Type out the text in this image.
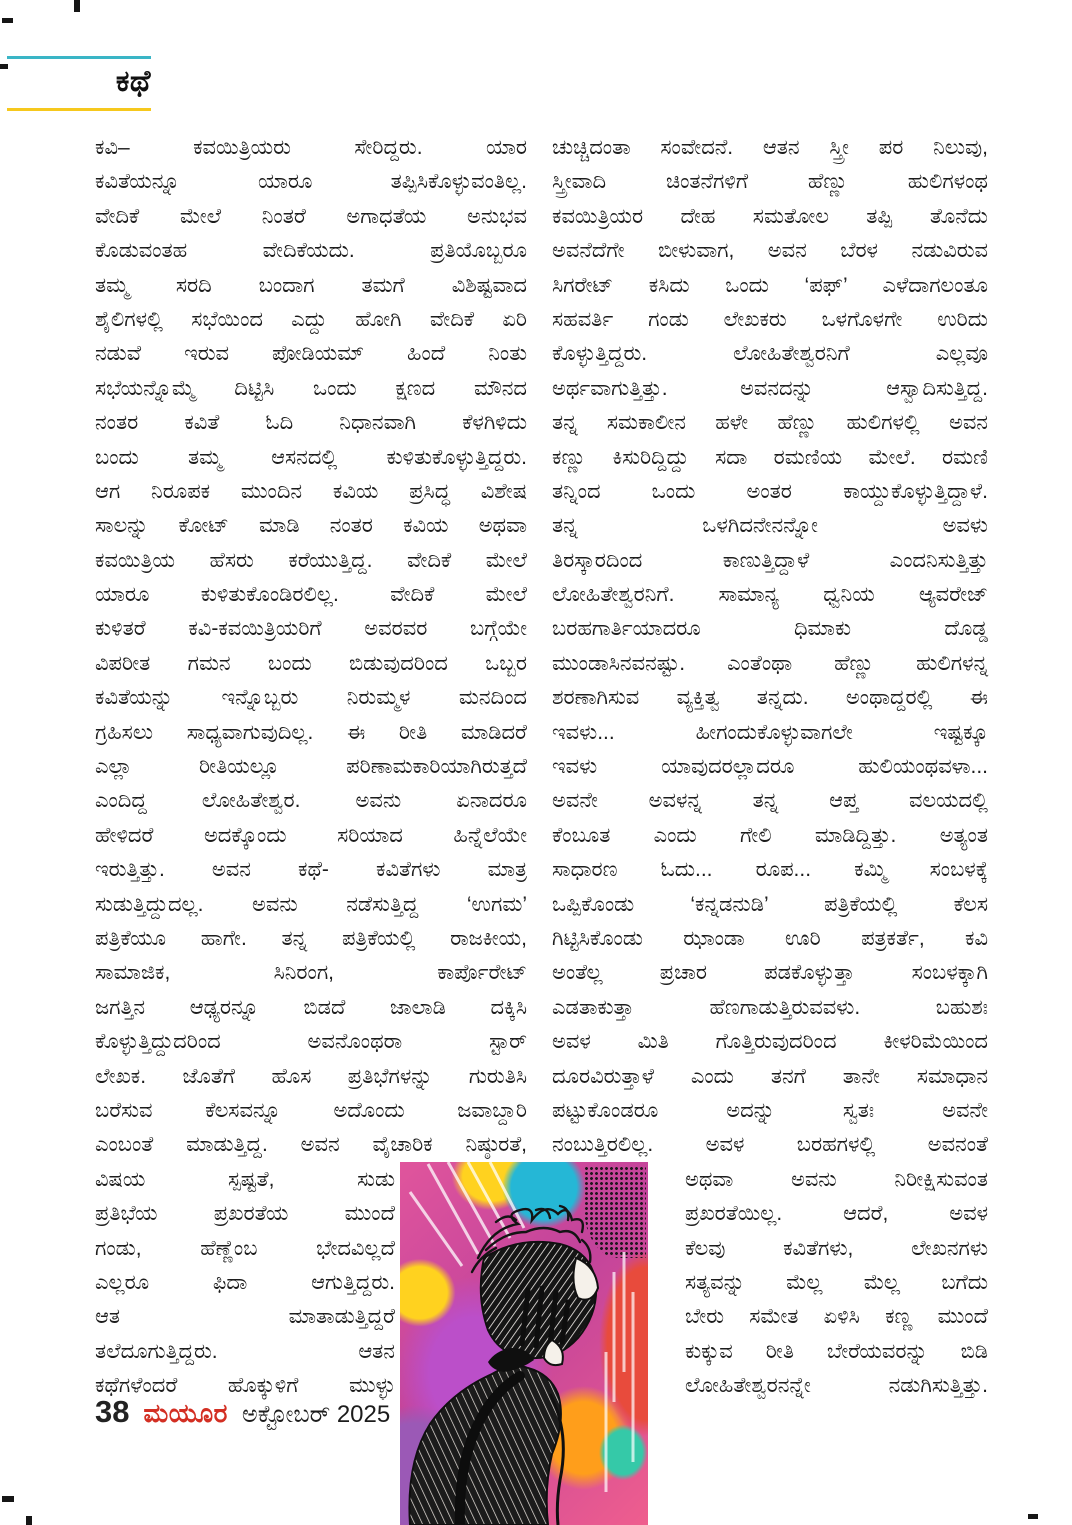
ಕಥೆ
ಕವಿ– ಕವಯಿತ್ರಿಯರು ಸೇರಿದ್ದರು. ಯಾರ
ಕವಿತೆಯನ್ನೂ ಯಾರೂ ತಪ್ಪಿಸಿಕೊಳ್ಳುವಂತಿಲ್ಲ.
ವೇದಿಕೆ ಮೇಲೆ ನಿಂತರೆ ಅಗಾಧತೆಯ ಅನುಭವ
ಕೊಡುವಂತಹ ವೇದಿಕೆಯದು. ಪ್ರತಿಯೊಬ್ಬರೂ
ತಮ್ಮ ಸರದಿ ಬಂದಾಗ ತಮಗೆ ವಿಶಿಷ್ಟವಾದ
ಶೈಲಿಗಳಲ್ಲಿ ಸಭೆಯಿಂದ ಎದ್ದು ಹೋಗಿ ವೇದಿಕೆ ಏರಿ
ನಡುವೆ ಇರುವ ಪೋಡಿಯಮ್ ಹಿಂದೆ ನಿಂತು
ಸಭೆಯನ್ನೊಮ್ಮೆ ದಿಟ್ಟಿಸಿ ಒಂದು ಕ್ಷಣದ ಮೌನದ
ನಂತರ ಕವಿತೆ ಓದಿ ನಿಧಾನವಾಗಿ ಕೆಳಗಿಳಿದು
ಬಂದು ತಮ್ಮ ಆಸನದಲ್ಲಿ ಕುಳಿತುಕೊಳ್ಳುತ್ತಿದ್ದರು.
ಆಗ ನಿರೂಪಕ ಮುಂದಿನ ಕವಿಯ ಪ್ರಸಿದ್ಧ ವಿಶೇಷ
ಸಾಲನ್ನು ಕೋಟ್ ಮಾಡಿ ನಂತರ ಕವಿಯ ಅಥವಾ
ಕವಯಿತ್ರಿಯ ಹೆಸರು ಕರೆಯುತ್ತಿದ್ದ. ವೇದಿಕೆ ಮೇಲೆ
ಯಾರೂ ಕುಳಿತುಕೊಂಡಿರಲಿಲ್ಲ. ವೇದಿಕೆ ಮೇಲೆ
ಕುಳಿತರೆ ಕವಿ-ಕವಯಿತ್ರಿಯರಿಗೆ ಅವರವರ ಬಗ್ಗೆಯೇ
ವಿಪರೀತ ಗಮನ ಬಂದು ಬಿಡುವುದರಿಂದ ಒಬ್ಬರ
ಕವಿತೆಯನ್ನು ಇನ್ನೊಬ್ಬರು ನಿರುಮ್ಮಳ ಮನದಿಂದ
ಗ್ರಹಿಸಲು ಸಾಧ್ಯವಾಗುವುದಿಲ್ಲ. ಈ ರೀತಿ ಮಾಡಿದರೆ
ಎಲ್ಲಾ ರೀತಿಯಲ್ಲೂ ಪರಿಣಾಮಕಾರಿಯಾಗಿರುತ್ತದೆ
ಎಂದಿದ್ದ ಲೋಹಿತೇಶ್ವರ. ಅವನು ಏನಾದರೂ
ಹೇಳಿದರೆ ಅದಕ್ಕೊಂದು ಸರಿಯಾದ ಹಿನ್ನೆಲೆಯೇ
ಇರುತ್ತಿತ್ತು. ಅವನ ಕಥೆ- ಕವಿತೆಗಳು ಮಾತ್ರ
ಸುಡುತ್ತಿದ್ದುದಲ್ಲ. ಅವನು ನಡೆಸುತ್ತಿದ್ದ ‘ಉಗಮ’
ಪತ್ರಿಕೆಯೂ ಹಾಗೇ. ತನ್ನ ಪತ್ರಿಕೆಯಲ್ಲಿ ರಾಜಕೀಯ,
ಸಾಮಾಜಿಕ, ಸಿನಿರಂಗ, ಕಾರ್ಪೊರೇಟ್
ಜಗತ್ತಿನ ಆಢ್ಯರನ್ನೂ ಬಿಡದೆ ಜಾಲಾಡಿ ದಕ್ಕಿಸಿ
ಕೊಳ್ಳುತ್ತಿದ್ದುದರಿಂದ ಅವನೊಂಥರಾ ಸ್ಟಾರ್
ಲೇಖಕ. ಜೊತೆಗೆ ಹೊಸ ಪ್ರತಿಭೆಗಳನ್ನು ಗುರುತಿಸಿ
ಬರೆಸುವ ಕೆಲಸವನ್ನೂ ಅದೊಂದು ಜವಾಬ್ದಾರಿ
ಎಂಬಂತೆ ಮಾಡುತ್ತಿದ್ದ. ಅವನ ವೈಚಾರಿಕ ನಿಷ್ಠುರತೆ,
ವಿಷಯ ಸ್ಪಷ್ಟತೆ, ಸುಡು
ಪ್ರತಿಭೆಯ ಪ್ರಖರತೆಯ ಮುಂದೆ
ಗಂಡು, ಹೆಣ್ಣೆಂಬ ಭೇದವಿಲ್ಲದೆ
ಎಲ್ಲರೂ ಫಿದಾ ಆಗುತ್ತಿದ್ದರು.
ಆತ ಮಾತಾಡುತ್ತಿದ್ದರೆ
ತಲೆದೂಗುತ್ತಿದ್ದರು. ಆತನ
ಕಥೆಗಳೆಂದರೆ ಹೊಕ್ಕುಳಿಗೆ ಮುಳ್ಳು
ಚುಚ್ಚಿದಂತಾ ಸಂವೇದನೆ. ಆತನ ಸ್ತ್ರೀ ಪರ ನಿಲುವು,
ಸ್ತ್ರೀವಾದಿ ಚಿಂತನೆಗಳಿಗೆ ಹೆಣ್ಣು ಹುಲಿಗಳಂಥ
ಕವಯಿತ್ರಿಯರ ದೇಹ ಸಮತೋಲ ತಪ್ಪಿ ತೊನೆದು
ಅವನೆದೆಗೇ ಬೀಳುವಾಗ, ಅವನ ಬೆರಳ ನಡುವಿರುವ
ಸಿಗರೇಟ್ ಕಸಿದು ಒಂದು ‘ಪಫ್’ ಎಳೆದಾಗಲಂತೂ
ಸಹವರ್ತಿ ಗಂಡು ಲೇಖಕರು ಒಳಗೊಳಗೇ ಉರಿದು
ಕೊಳ್ಳುತ್ತಿದ್ದರು. ಲೋಹಿತೇಶ್ವರನಿಗೆ ಎಲ್ಲವೂ
ಅರ್ಥವಾಗುತ್ತಿತ್ತು. ಅವನದನ್ನು ಆಸ್ವಾದಿಸುತ್ತಿದ್ದ.
ತನ್ನ ಸಮಕಾಲೀನ ಹಳೇ ಹೆಣ್ಣು ಹುಲಿಗಳಲ್ಲಿ ಅವನ
ಕಣ್ಣು ಕಿಸುರಿದ್ದಿದ್ದು ಸದಾ ರಮಣಿಯ ಮೇಲೆ. ರಮಣಿ
ತನ್ನಿಂದ ಒಂದು ಅಂತರ ಕಾಯ್ದುಕೊಳ್ಳುತ್ತಿದ್ದಾಳೆ.
ತನ್ನ ಒಳಗಿದನೇನನ್ನೋ ಅವಳು
ತಿರಸ್ಕಾರದಿಂದ ಕಾಣುತ್ತಿದ್ದಾಳೆ ಎಂದನಿಸುತ್ತಿತ್ತು
ಲೋಹಿತೇಶ್ವರನಿಗೆ. ಸಾಮಾನ್ಯ ಧ್ವನಿಯ ಆ್ಯವರೇಜ್
ಬರಹಗಾರ್ತಿಯಾದರೂ ಧಿಮಾಕು ದೊಡ್ಡ
ಮುಂಡಾಸಿನವನಷ್ಟು. ಎಂತೆಂಥಾ ಹೆಣ್ಣು ಹುಲಿಗಳನ್ನ
ಶರಣಾಗಿಸುವ ವ್ಯಕ್ತಿತ್ವ ತನ್ನದು. ಅಂಥಾದ್ದರಲ್ಲಿ ಈ
ಇವಳು... ಹೀಗಂದುಕೊಳ್ಳುವಾಗಲೇ ಇಷ್ಟಕ್ಕೂ
ಇವಳು ಯಾವುದರಲ್ಲಾದರೂ ಹುಲಿಯಂಥವಳಾ...
ಅವನೇ ಅವಳನ್ನ ತನ್ನ ಆಪ್ತ ವಲಯದಲ್ಲಿ
ಕೆಂಬೂತ ಎಂದು ಗೇಲಿ ಮಾಡಿದ್ದಿತ್ತು. ಅತ್ಯಂತ
ಸಾಧಾರಣ ಓದು... ರೂಪ... ಕಮ್ಮಿ ಸಂಬಳಕ್ಕೆ
ಒಪ್ಪಿಕೊಂಡು ‘ಕನ್ನಡನುಡಿ’ ಪತ್ರಿಕೆಯಲ್ಲಿ ಕೆಲಸ
ಗಿಟ್ಟಿಸಿಕೊಂಡು ಝಾಂಡಾ ಊರಿ ಪತ್ರಕರ್ತೆ, ಕವಿ
ಅಂತೆಲ್ಲ ಪ್ರಚಾರ ಪಡಕೊಳ್ಳುತ್ತಾ ಸಂಬಳಕ್ಕಾಗಿ
ಎಡತಾಕುತ್ತಾ ಹೆಣಗಾಡುತ್ತಿರುವವಳು. ಬಹುಶಃ
ಅವಳ ಮಿತಿ ಗೊತ್ತಿರುವುದರಿಂದ ಕೀಳರಿಮೆಯಿಂದ
ದೂರವಿರುತ್ತಾಳೆ ಎಂದು ತನಗೆ ತಾನೇ ಸಮಾಧಾನ
ಪಟ್ಟುಕೊಂಡರೂ ಅದನ್ನು ಸ್ವತಃ ಅವನೇ
ನಂಬುತ್ತಿರಲಿಲ್ಲ. ಅವಳ ಬರಹಗಳಲ್ಲಿ ಅವನಂತೆ
ಅಥವಾ ಅವನು ನಿರೀಕ್ಷಿಸುವಂತ
ಪ್ರಖರತೆಯಿಲ್ಲ. ಆದರೆ, ಅವಳ
ಕೆಲವು ಕವಿತೆಗಳು, ಲೇಖನಗಳು
ಸತ್ಯವನ್ನು ಮೆಲ್ಲ ಮೆಲ್ಲ ಬಗೆದು
ಬೇರು ಸಮೇತ ಏಳಿಸಿ ಕಣ್ಣ ಮುಂದೆ
ಕುಕ್ಕುವ ರೀತಿ ಬೇರೆಯವರನ್ನು ಬಿಡಿ
ಲೋಹಿತೇಶ್ವರನನ್ನೇ ನಡುಗಿಸುತ್ತಿತ್ತು.
38 ಮಯೂರ ಅಕ್ಟೋಬರ್ 2025
